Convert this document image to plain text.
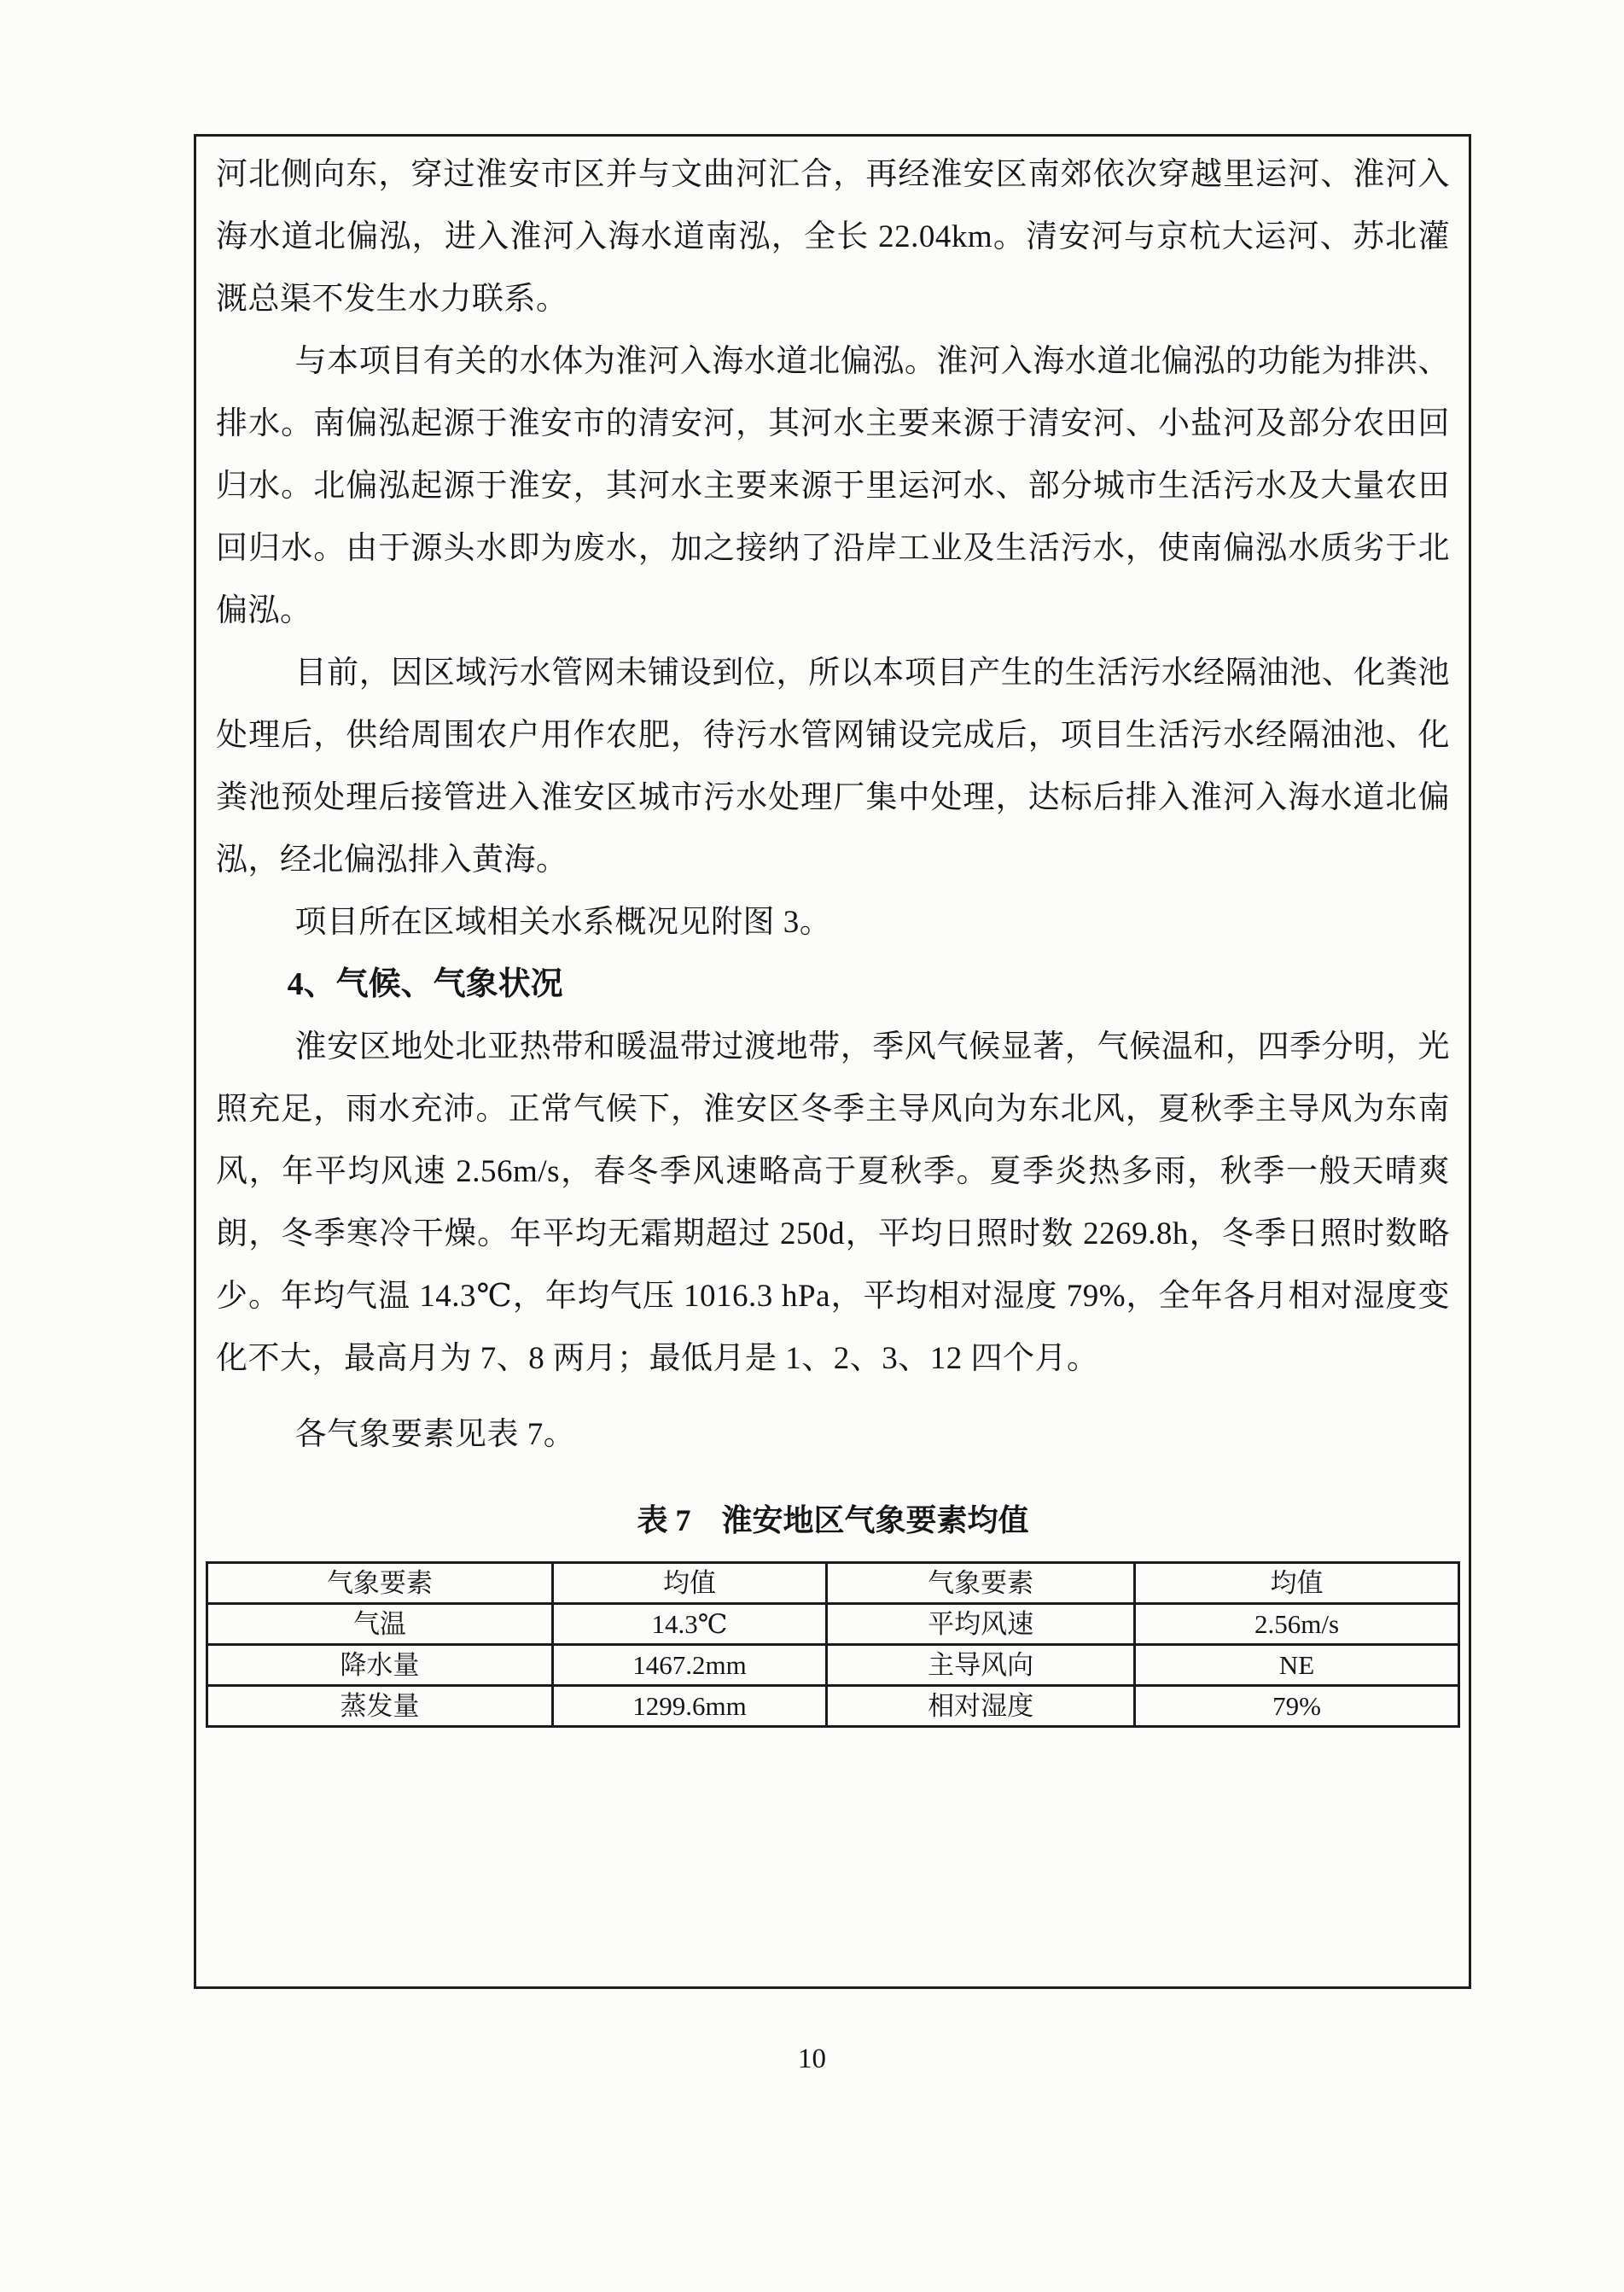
河北侧向东，穿过淮安市区并与文曲河汇合，再经淮安区南郊依次穿越里运河、淮河入海水道北偏泓，进入淮河入海水道南泓，全长 22.04km。清安河与京杭大运河、苏北灌溉总渠不发生水力联系。

与本项目有关的水体为淮河入海水道北偏泓。淮河入海水道北偏泓的功能为排洪、排水。南偏泓起源于淮安市的清安河，其河水主要来源于清安河、小盐河及部分农田回归水。北偏泓起源于淮安，其河水主要来源于里运河水、部分城市生活污水及大量农田回归水。由于源头水即为废水，加之接纳了沿岸工业及生活污水，使南偏泓水质劣于北偏泓。

目前，因区域污水管网未铺设到位，所以本项目产生的生活污水经隔油池、化粪池处理后，供给周围农户用作农肥，待污水管网铺设完成后，项目生活污水经隔油池、化粪池预处理后接管进入淮安区城市污水处理厂集中处理，达标后排入淮河入海水道北偏泓，经北偏泓排入黄海。

项目所在区域相关水系概况见附图 3。

4、气候、气象状况

淮安区地处北亚热带和暖温带过渡地带，季风气候显著，气候温和，四季分明，光照充足，雨水充沛。正常气候下，淮安区冬季主导风向为东北风，夏秋季主导风为东南风，年平均风速 2.56m/s，春冬季风速略高于夏秋季。夏季炎热多雨，秋季一般天晴爽朗，冬季寒冷干燥。年平均无霜期超过 250d，平均日照时数 2269.8h，冬季日照时数略少。年均气温 14.3℃，年均气压 1016.3 hPa，平均相对湿度 79%，全年各月相对湿度变化不大，最高月为 7、8 两月；最低月是 1、2、3、12 四个月。

各气象要素见表 7。

表 7　淮安地区气象要素均值
气象要素	均值	气象要素	均值
气温	14.3℃	平均风速	2.56m/s
降水量	1467.2mm	主导风向	NE
蒸发量	1299.6mm	相对湿度	79%
10
